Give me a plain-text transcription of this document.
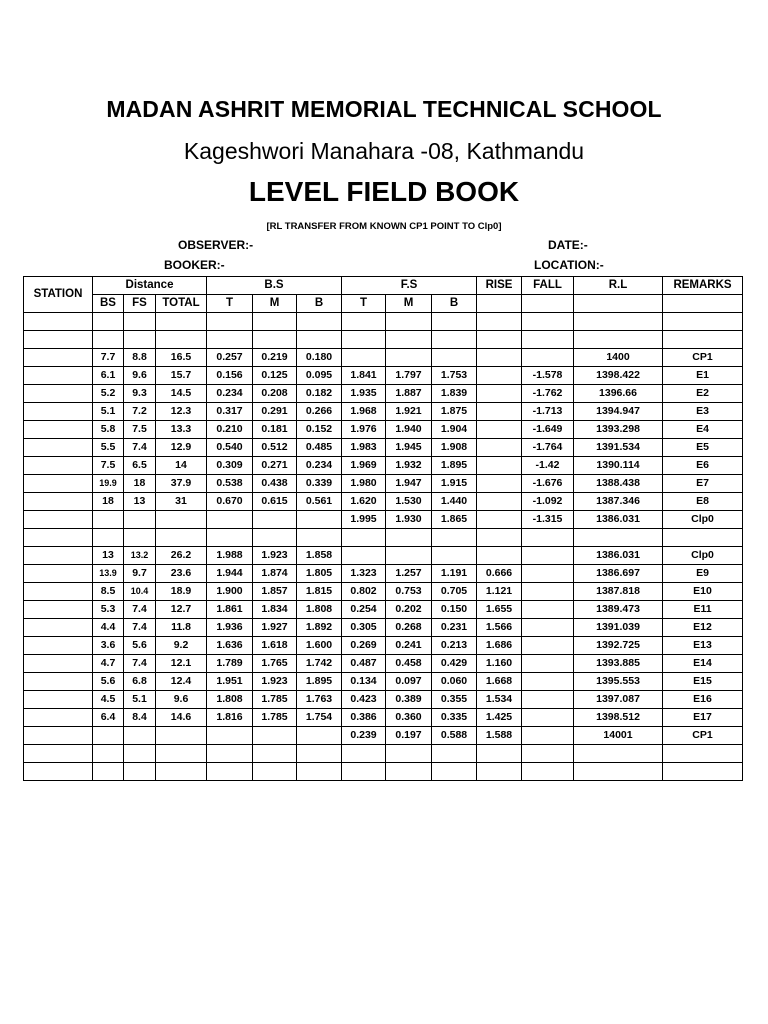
MADAN ASHRIT MEMORIAL TECHNICAL SCHOOL
Kageshwori Manahara -08, Kathmandu
LEVEL FIELD BOOK
[RL TRANSFER FROM KNOWN CP1 POINT TO Clp0]
OBSERVER:-
BOOKER:-
DATE:-
LOCATION:-
STATION	Distance			B.S			F.S			RISE	FALL	R.L	REMARKS
	BS	FS	TOTAL	T	M	B	T	M	B				

	7.7	8.8	16.5	0.257	0.219	0.180						1400	CP1
	6.1	9.6	15.7	0.156	0.125	0.095	1.841	1.797	1.753		-1.578	1398.422	E1
	5.2	9.3	14.5	0.234	0.208	0.182	1.935	1.887	1.839		-1.762	1396.66	E2
	5.1	7.2	12.3	0.317	0.291	0.266	1.968	1.921	1.875		-1.713	1394.947	E3
	5.8	7.5	13.3	0.210	0.181	0.152	1.976	1.940	1.904		-1.649	1393.298	E4
	5.5	7.4	12.9	0.540	0.512	0.485	1.983	1.945	1.908		-1.764	1391.534	E5
	7.5	6.5	14	0.309	0.271	0.234	1.969	1.932	1.895		-1.42	1390.114	E6
	19.9	18	37.9	0.538	0.438	0.339	1.980	1.947	1.915		-1.676	1388.438	E7
	18	13	31	0.670	0.615	0.561	1.620	1.530	1.440		-1.092	1387.346	E8
							1.995	1.930	1.865		-1.315	1386.031	Clp0

	13	13.2	26.2	1.988	1.923	1.858						1386.031	Clp0
	13.9	9.7	23.6	1.944	1.874	1.805	1.323	1.257	1.191	0.666		1386.697	E9
	8.5	10.4	18.9	1.900	1.857	1.815	0.802	0.753	0.705	1.121		1387.818	E10
	5.3	7.4	12.7	1.861	1.834	1.808	0.254	0.202	0.150	1.655		1389.473	E11
	4.4	7.4	11.8	1.936	1.927	1.892	0.305	0.268	0.231	1.566		1391.039	E12
	3.6	5.6	9.2	1.636	1.618	1.600	0.269	0.241	0.213	1.686		1392.725	E13
	4.7	7.4	12.1	1.789	1.765	1.742	0.487	0.458	0.429	1.160		1393.885	E14
	5.6	6.8	12.4	1.951	1.923	1.895	0.134	0.097	0.060	1.668		1395.553	E15
	4.5	5.1	9.6	1.808	1.785	1.763	0.423	0.389	0.355	1.534		1397.087	E16
	6.4	8.4	14.6	1.816	1.785	1.754	0.386	0.360	0.335	1.425		1398.512	E17
							0.239	0.197	0.588	1.588		14001	CP1
